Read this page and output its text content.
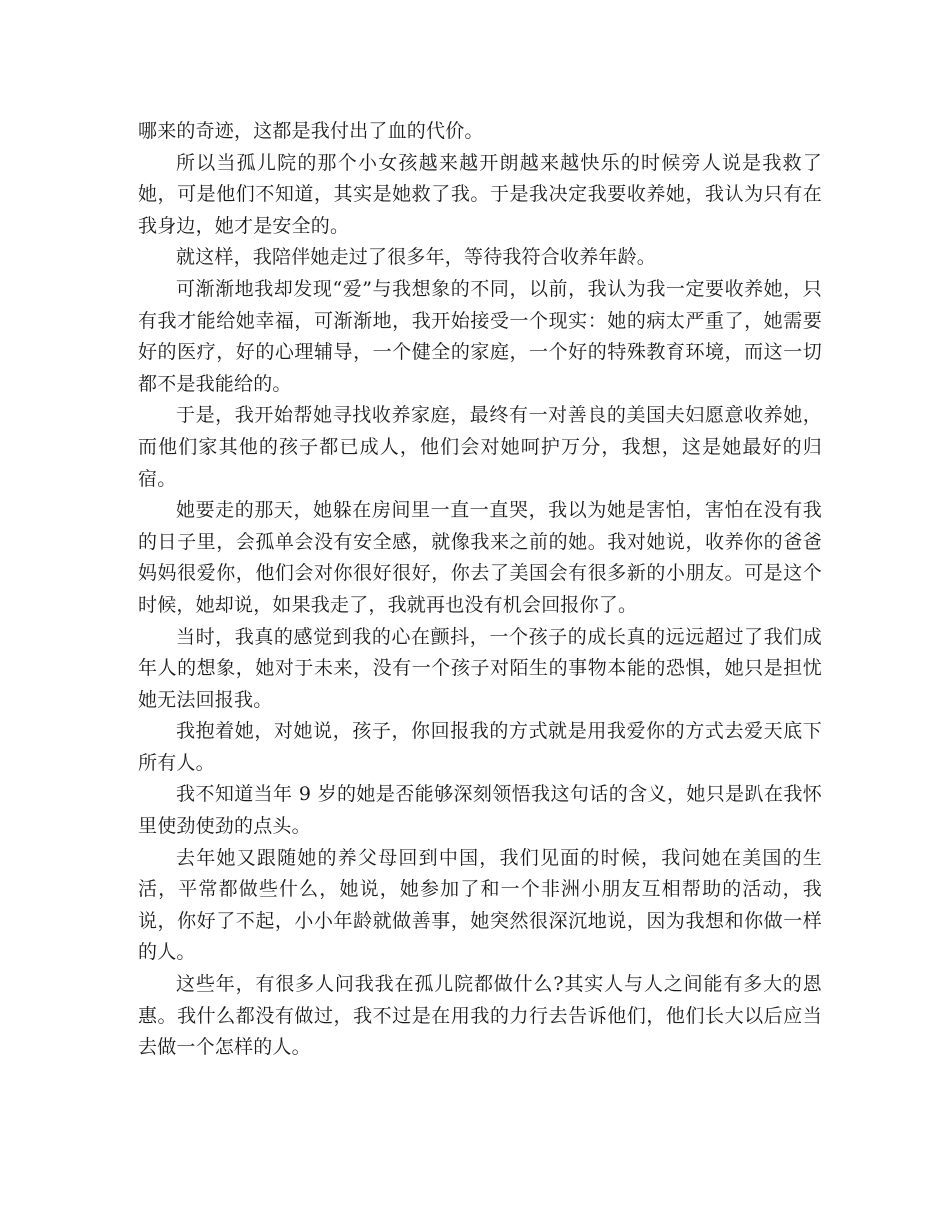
哪来的奇迹，这都是我付出了血的代价。

所以当孤儿院的那个小女孩越来越开朗越来越快乐的时候旁人说是我救了她，可是他们不知道，其实是她救了我。于是我决定我要收养她，我认为只有在我身边，她才是安全的。

就这样，我陪伴她走过了很多年，等待我符合收养年龄。

可渐渐地我却发现“爱”与我想象的不同，以前，我认为我一定要收养她，只有我才能给她幸福，可渐渐地，我开始接受一个现实：她的病太严重了，她需要好的医疗，好的心理辅导，一个健全的家庭，一个好的特殊教育环境，而这一切都不是我能给的。

于是，我开始帮她寻找收养家庭，最终有一对善良的美国夫妇愿意收养她，而他们家其他的孩子都已成人，他们会对她呵护万分，我想，这是她最好的归宿。

她要走的那天，她躲在房间里一直一直哭，我以为她是害怕，害怕在没有我的日子里，会孤单会没有安全感，就像我来之前的她。我对她说，收养你的爸爸妈妈很爱你，他们会对你很好很好，你去了美国会有很多新的小朋友。可是这个时候，她却说，如果我走了，我就再也没有机会回报你了。

当时，我真的感觉到我的心在颤抖，一个孩子的成长真的远远超过了我们成年人的想象，她对于未来，没有一个孩子对陌生的事物本能的恐惧，她只是担忧她无法回报我。

我抱着她，对她说，孩子，你回报我的方式就是用我爱你的方式去爱天底下所有人。

我不知道当年 9 岁的她是否能够深刻领悟我这句话的含义，她只是趴在我怀里使劲使劲的点头。

去年她又跟随她的养父母回到中国，我们见面的时候，我问她在美国的生活，平常都做些什么，她说，她参加了和一个非洲小朋友互相帮助的活动，我说，你好了不起，小小年龄就做善事，她突然很深沉地说，因为我想和你做一样的人。

这些年，有很多人问我我在孤儿院都做什么?其实人与人之间能有多大的恩惠。我什么都没有做过，我不过是在用我的力行去告诉他们，他们长大以后应当去做一个怎样的人。
